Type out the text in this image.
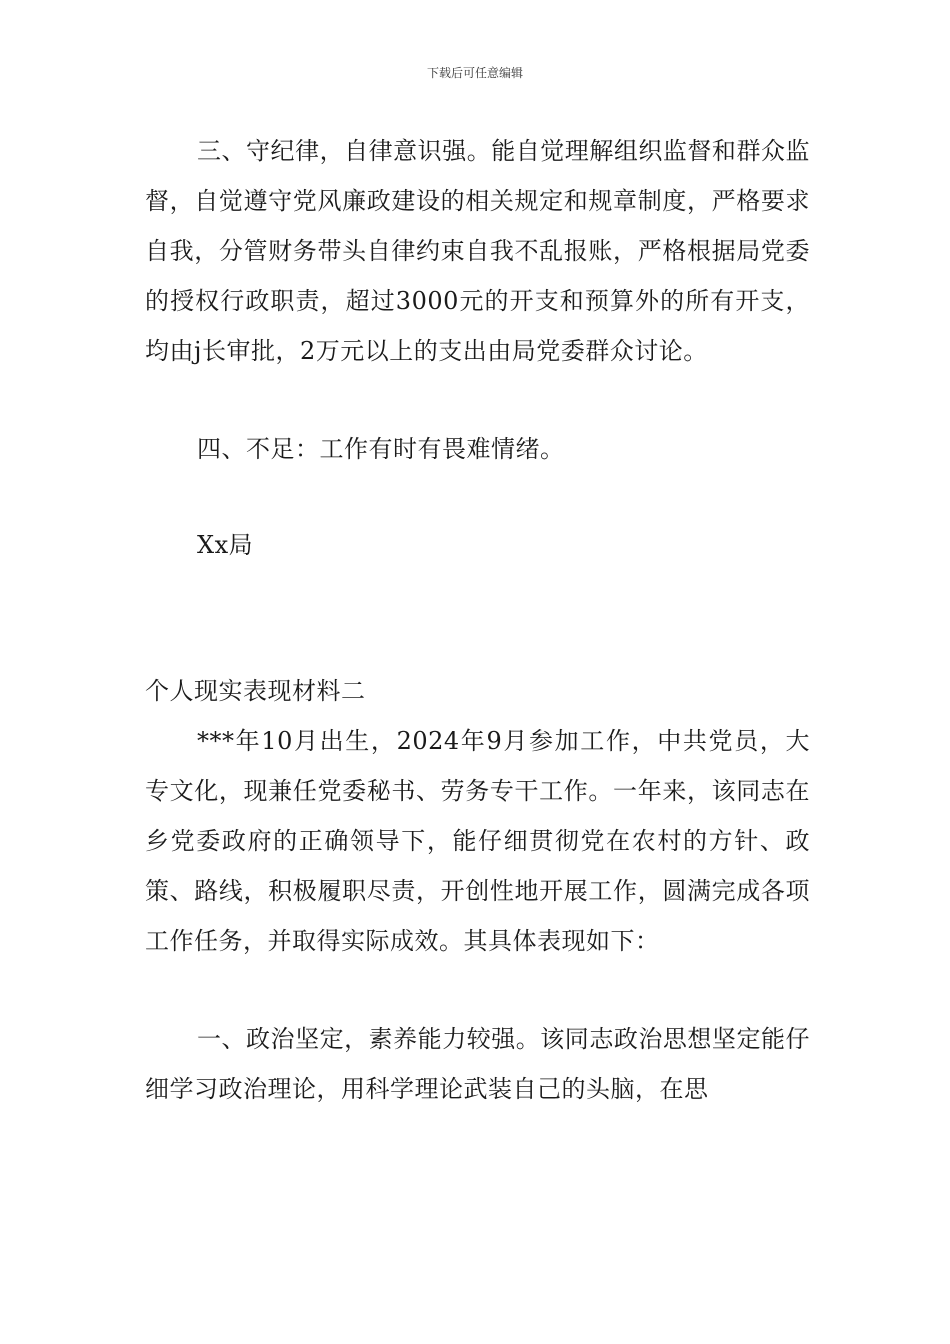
下载后可任意编辑

三、守纪律，自律意识强。能自觉理解组织监督和群众监督，自觉遵守党风廉政建设的相关规定和规章制度，严格要求自我，分管财务带头自律约束自我不乱报账，严格根据局党委的授权行政职责，超过3000元的开支和预算外的所有开支，均由j长审批，2万元以上的支出由局党委群众讨论。

四、不足：工作有时有畏难情绪。

Xx局

个人现实表现材料二

***年10月出生，2024年9月参加工作，中共党员，大专文化，现兼任党委秘书、劳务专干工作。一年来，该同志在乡党委政府的正确领导下，能仔细贯彻党在农村的方针、政策、路线，积极履职尽责，开创性地开展工作，圆满完成各项工作任务，并取得实际成效。其具体表现如下：

一、政治坚定，素养能力较强。该同志政治思想坚定能仔细学习政治理论，用科学理论武装自己的头脑，在思
